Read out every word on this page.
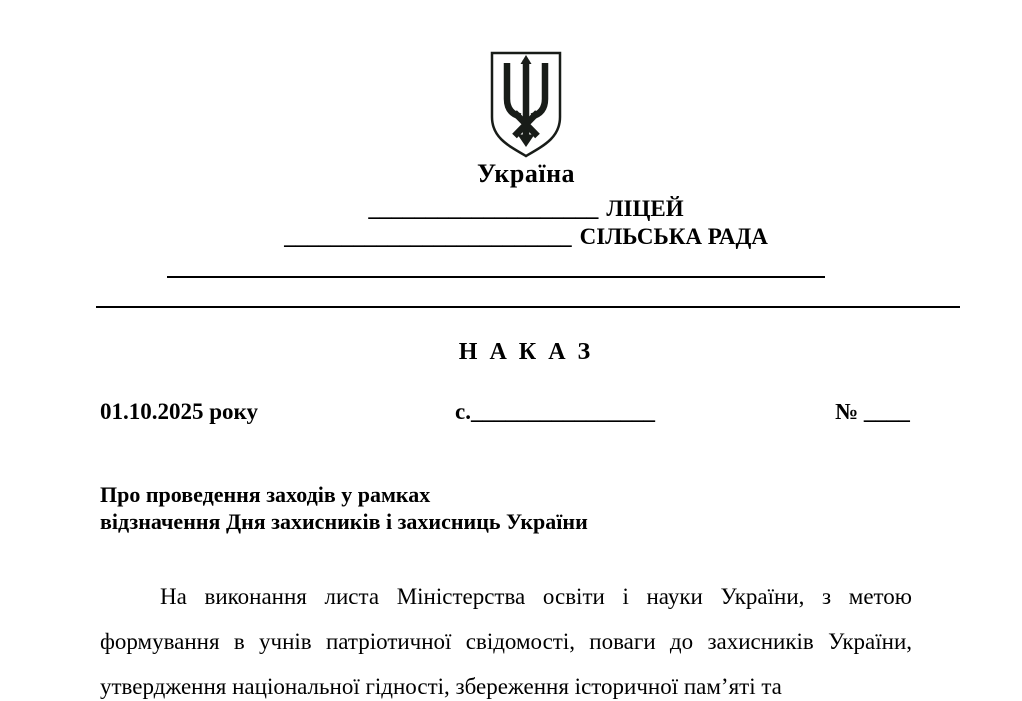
Україна
____________________ ЛІЦЕЙ
_________________________ СІЛЬСЬКА РАДА
Н А К А З
01.10.2025 року	с.________________	№ ____
Про проведення заходів у рамках
відзначення Дня захисників і захисниць України
На виконання листа Міністерства освіти і науки України, з метою формування в учнів патріотичної свідомості, поваги до захисників України, утвердження національної гідності, збереження історичної пам’яті та
